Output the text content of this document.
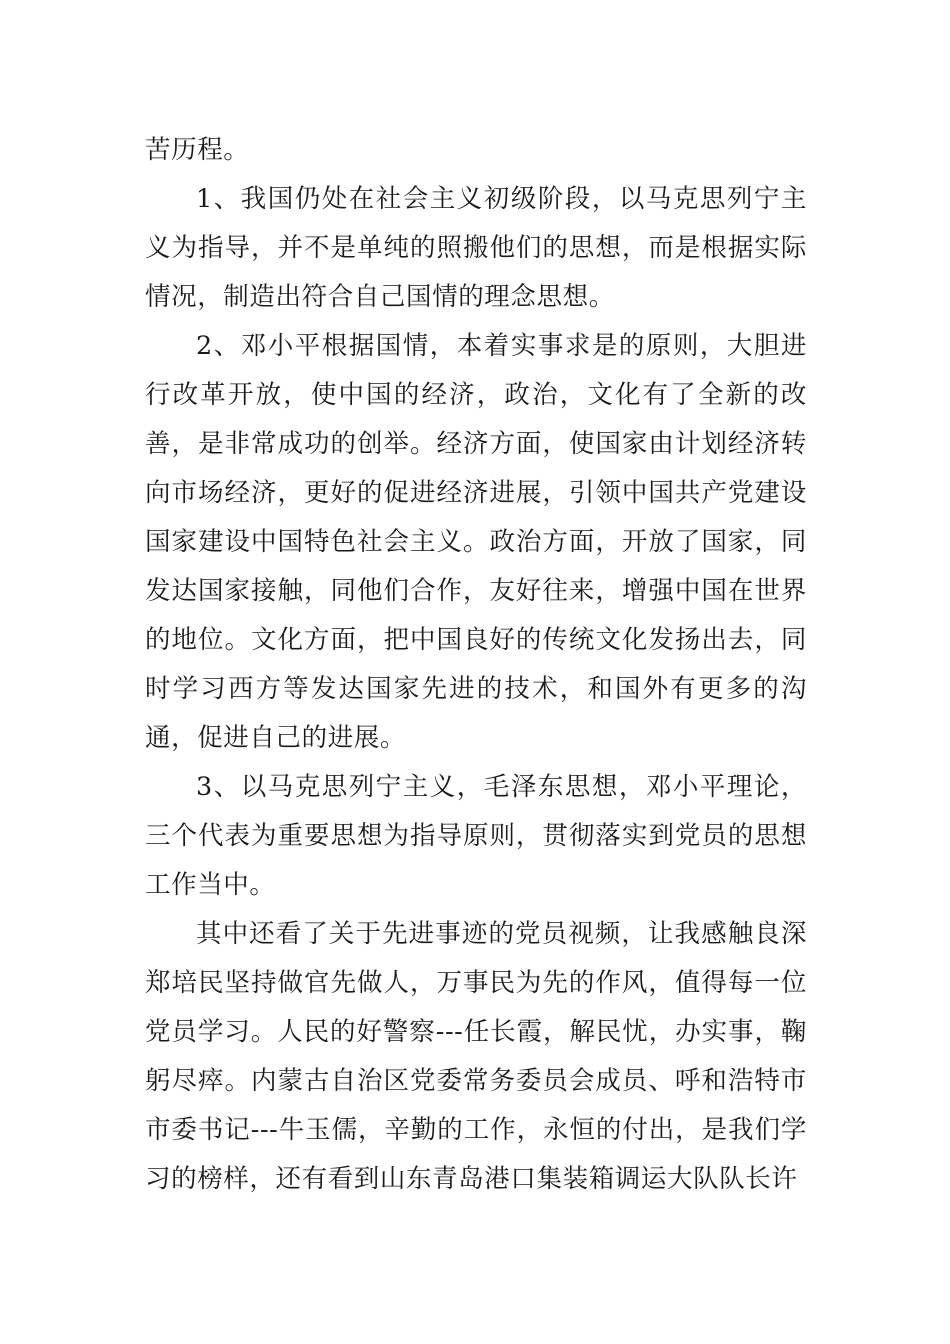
苦历程。

1、我国仍处在社会主义初级阶段，以马克思列宁主义为指导，并不是单纯的照搬他们的思想，而是根据实际情况，制造出符合自己国情的理念思想。

2、邓小平根据国情，本着实事求是的原则，大胆进行改革开放，使中国的经济，政治，文化有了全新的改善，是非常成功的创举。经济方面，使国家由计划经济转向市场经济，更好的促进经济进展，引领中国共产党建设国家建设中国特色社会主义。政治方面，开放了国家，同发达国家接触，同他们合作，友好往来，增强中国在世界的地位。文化方面，把中国良好的传统文化发扬出去，同时学习西方等发达国家先进的技术，和国外有更多的沟通，促进自己的进展。

3、以马克思列宁主义，毛泽东思想，邓小平理论，三个代表为重要思想为指导原则，贯彻落实到党员的思想工作当中。

其中还看了关于先进事迹的党员视频，让我感触良深郑培民坚持做官先做人，万事民为先的作风，值得每一位党员学习。人民的好警察---任长霞，解民忧，办实事，鞠躬尽瘁。内蒙古自治区党委常务委员会成员、呼和浩特市市委书记---牛玉儒，辛勤的工作，永恒的付出，是我们学习的榜样，还有看到山东青岛港口集装箱调运大队队长许
